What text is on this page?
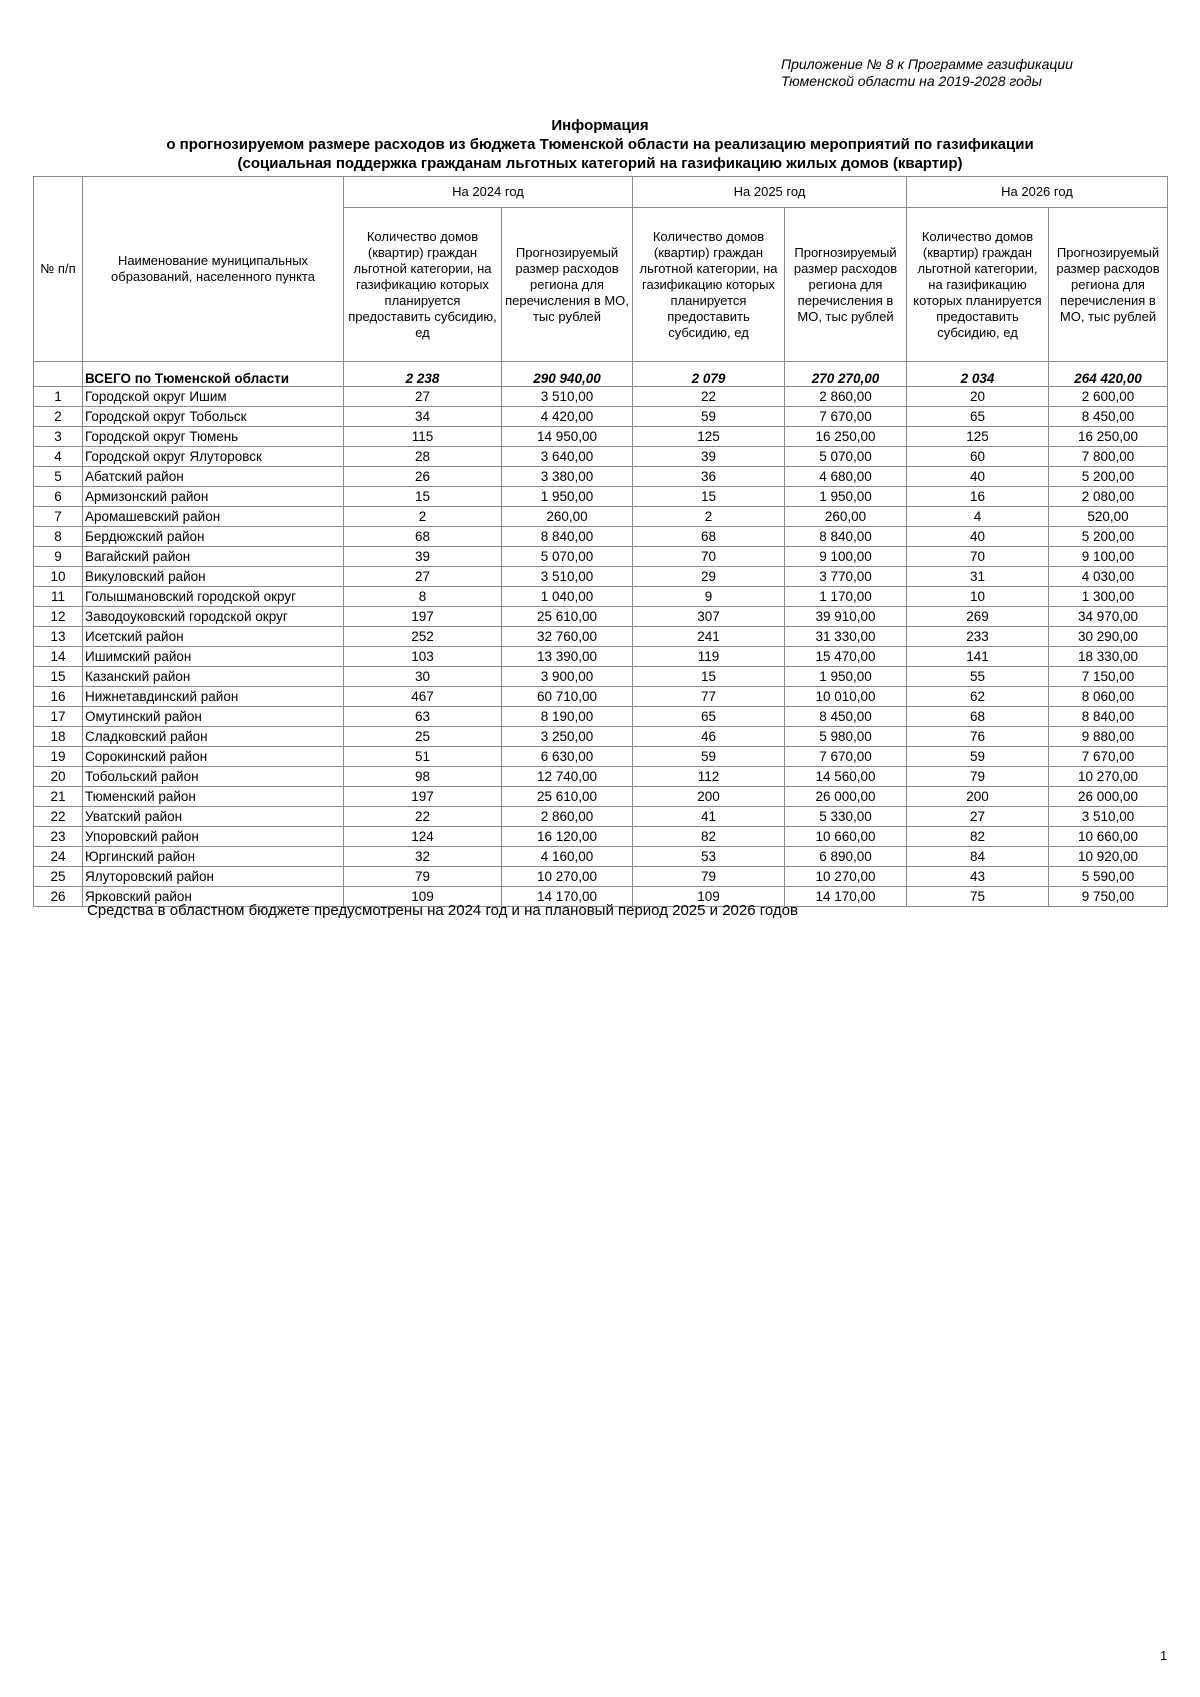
Приложение № 8 к Программе газификации
Тюменской области на 2019-2028 годы
Информация
о прогнозируемом размере расходов из бюджета Тюменской области на реализацию мероприятий по газификации
(социальная поддержка гражданам льготных категорий на газификацию жилых домов (квартир)
№ п/п	Наименование муниципальных образований, населенного пункта	На 2024 год		На 2025 год		На 2026 год	
		Количество домов (квартир) граждан льготной категории, на газификацию которых планируется предоставить субсидию, ед	Прогнозируемый размер расходов региона для перечисления в МО, тыс рублей	Количество домов (квартир) граждан льготной категории, на газификацию которых планируется предоставить субсидию, ед	Прогнозируемый размер расходов региона для перечисления в МО, тыс рублей	Количество домов (квартир) граждан льготной категории, на газификацию которых планируется предоставить субсидию, ед	Прогнозируемый размер расходов региона для перечисления в МО, тыс рублей
	ВСЕГО по Тюменской области	2 238	290 940,00	2 079	270 270,00	2 034	264 420,00
1	Городской округ Ишим	27	3 510,00	22	2 860,00	20	2 600,00
2	Городской округ Тобольск	34	4 420,00	59	7 670,00	65	8 450,00
3	Городской округ Тюмень	115	14 950,00	125	16 250,00	125	16 250,00
4	Городской округ Ялуторовск	28	3 640,00	39	5 070,00	60	7 800,00
5	Абатский район	26	3 380,00	36	4 680,00	40	5 200,00
6	Армизонский район	15	1 950,00	15	1 950,00	16	2 080,00
7	Аромашевский район	2	260,00	2	260,00	4	520,00
8	Бердюжский район	68	8 840,00	68	8 840,00	40	5 200,00
9	Вагайский район	39	5 070,00	70	9 100,00	70	9 100,00
10	Викуловский район	27	3 510,00	29	3 770,00	31	4 030,00
11	Голышмановский городской округ	8	1 040,00	9	1 170,00	10	1 300,00
12	Заводоуковский городской округ	197	25 610,00	307	39 910,00	269	34 970,00
13	Исетский район	252	32 760,00	241	31 330,00	233	30 290,00
14	Ишимский район	103	13 390,00	119	15 470,00	141	18 330,00
15	Казанский район	30	3 900,00	15	1 950,00	55	7 150,00
16	Нижнетавдинский район	467	60 710,00	77	10 010,00	62	8 060,00
17	Омутинский район	63	8 190,00	65	8 450,00	68	8 840,00
18	Сладковский район	25	3 250,00	46	5 980,00	76	9 880,00
19	Сорокинский район	51	6 630,00	59	7 670,00	59	7 670,00
20	Тобольский район	98	12 740,00	112	14 560,00	79	10 270,00
21	Тюменский район	197	25 610,00	200	26 000,00	200	26 000,00
22	Уватский район	22	2 860,00	41	5 330,00	27	3 510,00
23	Упоровский район	124	16 120,00	82	10 660,00	82	10 660,00
24	Юргинский район	32	4 160,00	53	6 890,00	84	10 920,00
25	Ялуторовский район	79	10 270,00	79	10 270,00	43	5 590,00
26	Ярковский район	109	14 170,00	109	14 170,00	75	9 750,00
Средства в областном бюджете предусмотрены на 2024 год и на плановый период 2025 и 2026 годов
1
